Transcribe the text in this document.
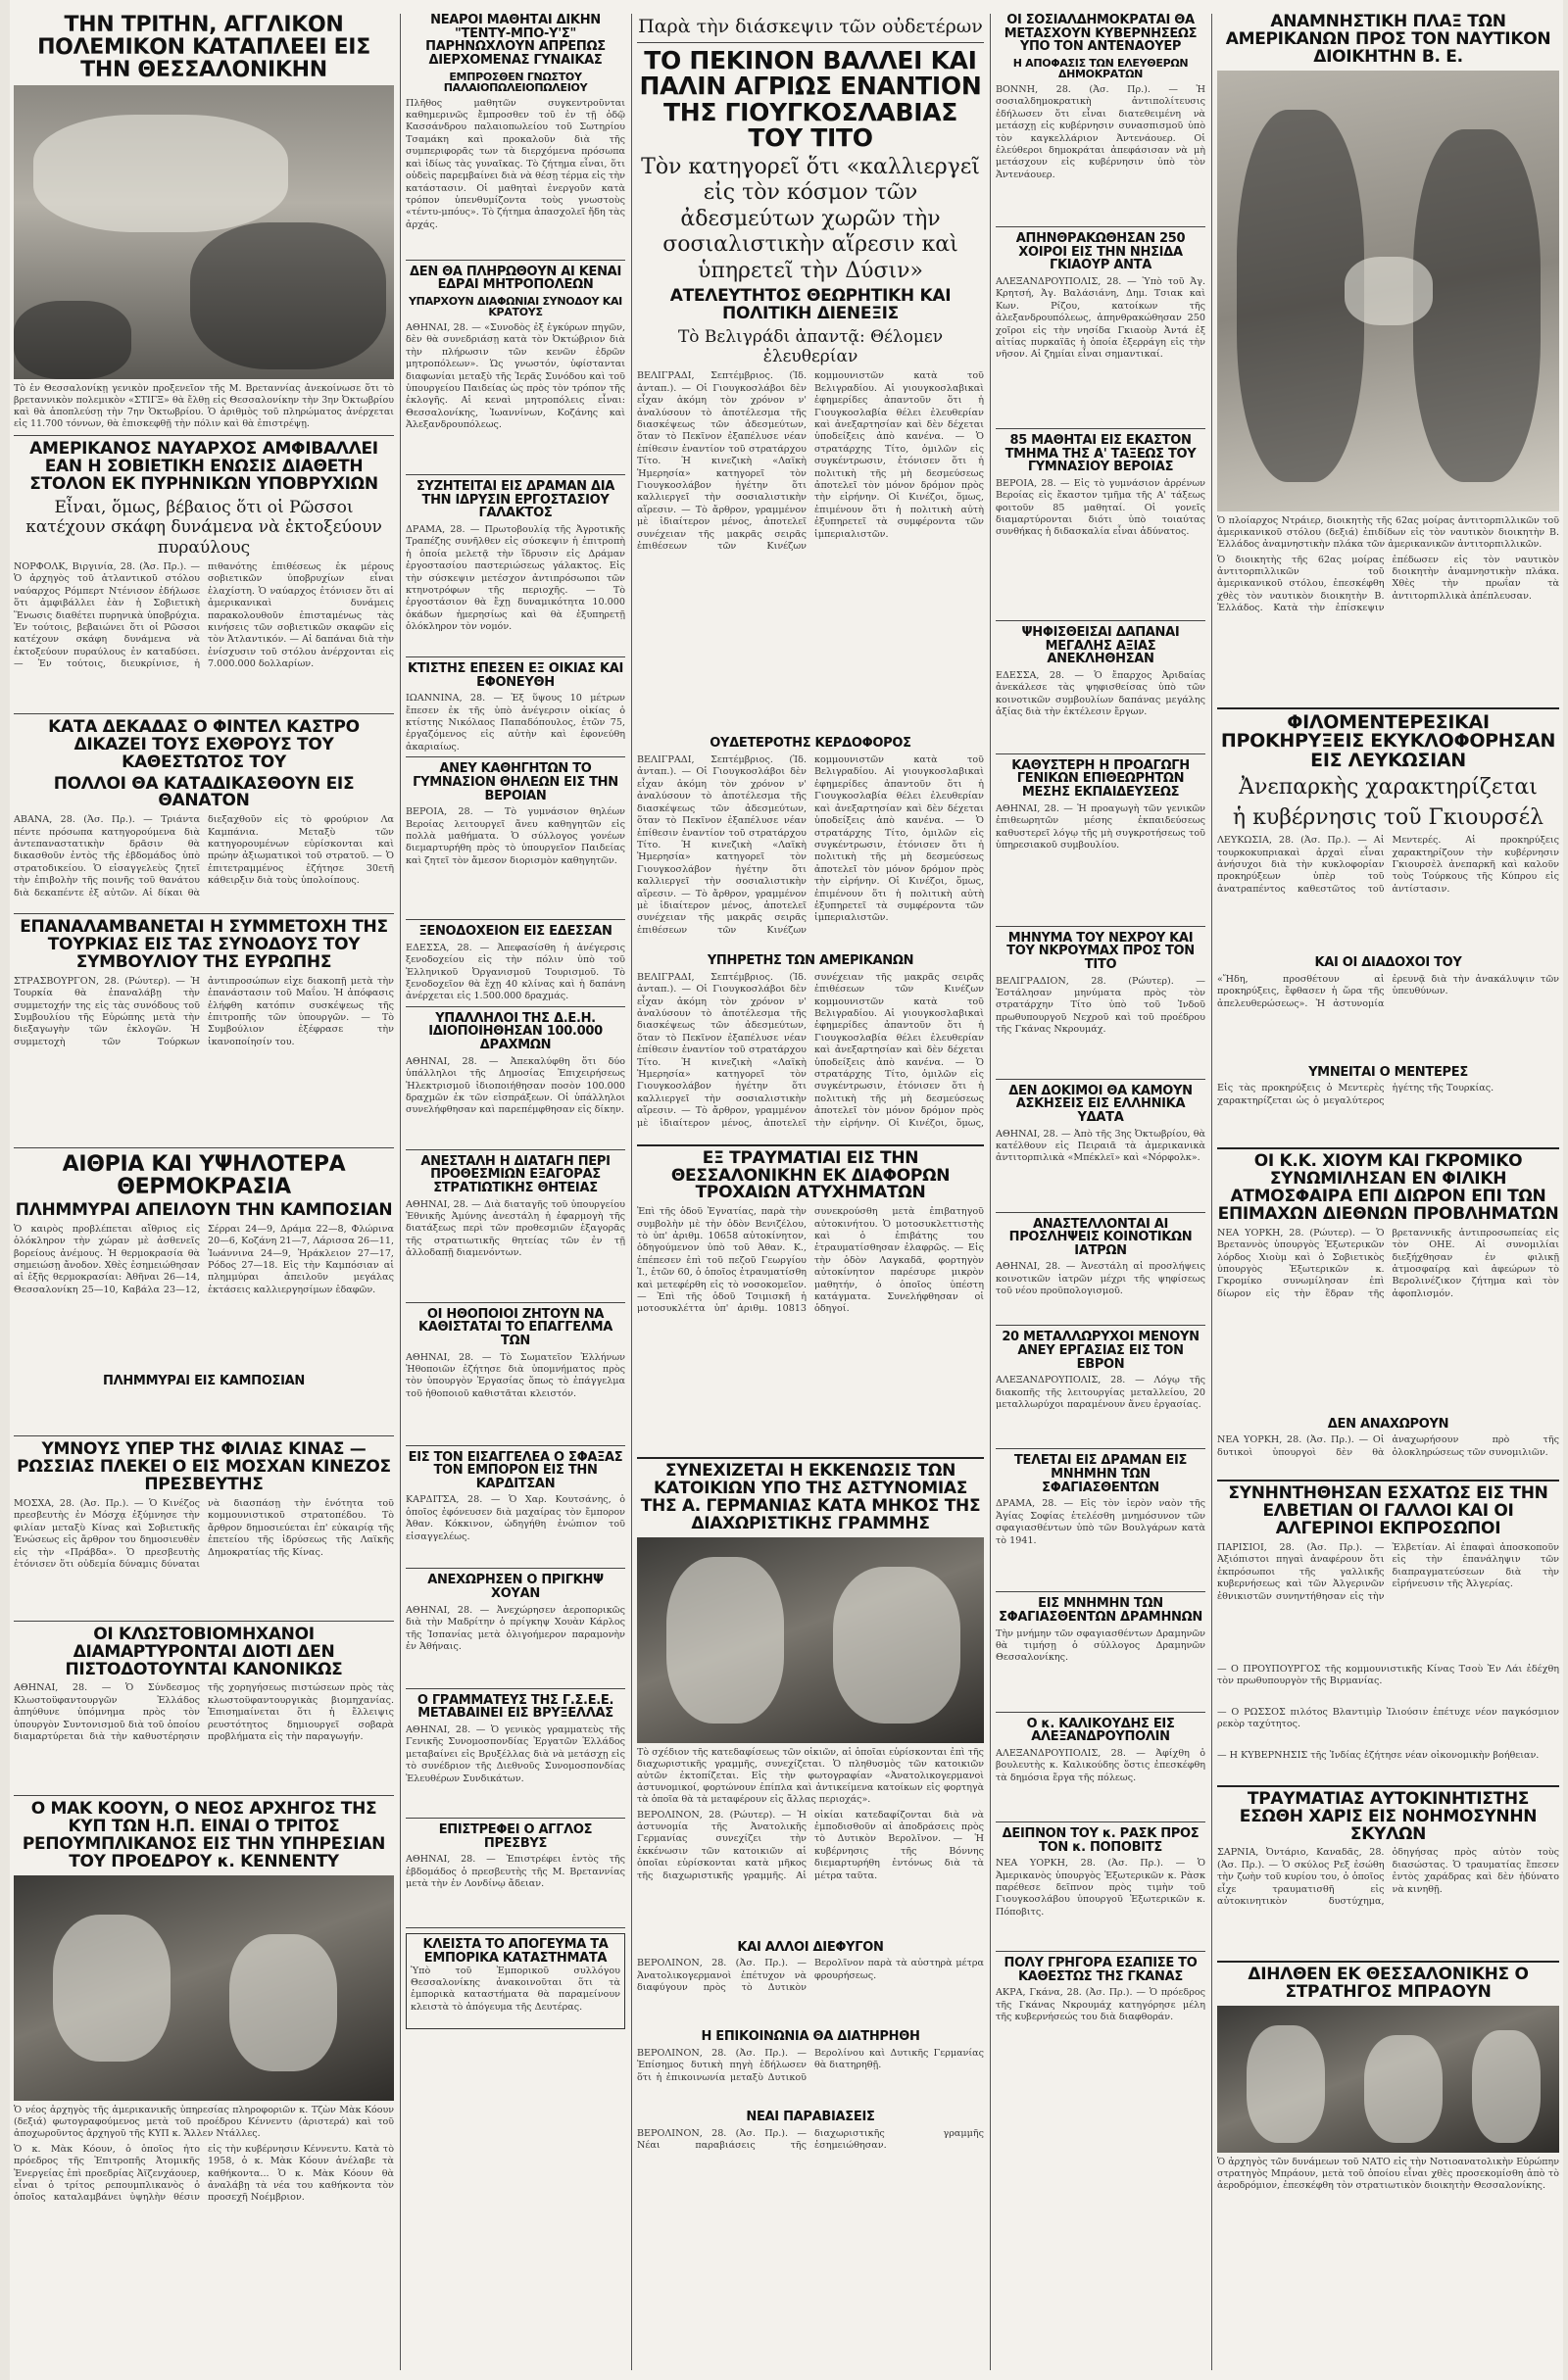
ΤΗΝ ΤΡΙΤΗΝ, ΑΓΓΛΙΚΟΝ ΠΟΛΕΜΙΚΟΝ ΚΑΤΑΠΛΕΕΙ ΕΙΣ ΤΗΝ ΘΕΣΣΑΛΟΝΙΚΗΝ
Τὸ ἐν Θεσσαλονίκῃ γενικὸν προξενεῖον τῆς Μ. Βρεταννίας ἀνεκοίνωσε ὅτι τὸ βρεταννικὸν πολεμικὸν «ΣΤΙΓΞ» θὰ ἔλθῃ εἰς Θεσσαλονίκην τὴν 3ην Ὀκτωβρίου καὶ θὰ ἀποπλεύσῃ τὴν 7ην Ὀκτωβρίου. Ὁ ἀριθμὸς τοῦ πληρώματος ἀνέρχεται εἰς 11.700 τόννων, θὰ ἐπισκεφθῇ τὴν πόλιν καὶ θὰ ἐπιστρέψῃ.
ΑΜΕΡΙΚΑΝΟΣ ΝΑΥΑΡΧΟΣ ΑΜΦΙΒΑΛΛΕΙ ΕΑΝ Η ΣΟΒΙΕΤΙΚΗ ΕΝΩΣΙΣ ΔΙΑΘΕΤΗ ΣΤΟΛΟΝ ΕΚ ΠΥΡΗΝΙΚΩΝ ΥΠΟΒΡΥΧΙΩΝ
Εἶναι, ὅμως, βέβαιος ὅτι οἱ Ρῶσσοι κατέχουν σκάφη δυνάμενα νὰ ἐκτοξεύουν πυραύλους
ΝΟΡΦΟΛΚ, Βιργινία, 28. (Ἀσ. Πρ.). — Ὁ ἀρχηγὸς τοῦ ἀτλαντικοῦ στόλου ναύαρχος Ρόμπερτ Ντένισον ἐδήλωσε ὅτι ἀμφιβάλλει ἐὰν ἡ Σοβιετικὴ Ἕνωσις διαθέτει πυρηνικὰ ὑποβρύχια. Ἐν τούτοις, βεβαιώνει ὅτι οἱ Ρῶσσοι κατέχουν σκάφη δυνάμενα νὰ ἐκτοξεύουν πυραύλους ἐν καταδύσει. — Ἐν τούτοις, διευκρίνισε, ἡ πιθανότης ἐπιθέσεως ἐκ μέρους σοβιετικῶν ὑποβρυχίων εἶναι ἐλαχίστη. Ὁ ναύαρχος ἐτόνισεν ὅτι αἱ ἀμερικανικαὶ δυνάμεις παρακολουθοῦν ἐπισταμένως τὰς κινήσεις τῶν σοβιετικῶν σκαφῶν εἰς τὸν Ἀτλαντικόν. — Αἱ δαπάναι διὰ τὴν ἐνίσχυσιν τοῦ στόλου ἀνέρχονται εἰς 7.000.000 δολλαρίων.
ΚΑΤΑ ΔΕΚΑΔΑΣ Ο ΦΙΝΤΕΛ ΚΑΣΤΡΟ ΔΙΚΑΖΕΙ ΤΟΥΣ ΕΧΘΡΟΥΣ ΤΟΥ ΚΑΘΕΣΤΩΤΟΣ ΤΟΥ
ΠΟΛΛΟΙ ΘΑ ΚΑΤΑΔΙΚΑΣΘΟΥΝ ΕΙΣ ΘΑΝΑΤΟΝ
ΑΒΑΝΑ, 28. (Ἀσ. Πρ.). — Τριάντα πέντε πρόσωπα κατηγορούμενα διὰ ἀντεπαναστατικὴν δρᾶσιν θὰ δικασθοῦν ἐντὸς τῆς ἑβδομάδος ὑπὸ στρατοδικείου. Ὁ εἰσαγγελεὺς ζητεῖ τὴν ἐπιβολὴν τῆς ποινῆς τοῦ θανάτου διὰ δεκαπέντε ἐξ αὐτῶν. Αἱ δίκαι θὰ διεξαχθοῦν εἰς τὸ φρούριον Λα Καμπάνια. Μεταξὺ τῶν κατηγορουμένων εὑρίσκονται καὶ πρώην ἀξιωματικοὶ τοῦ στρατοῦ. — Ὁ ἐπιτετραμμένος ἐζήτησε 30ετῆ κάθειρξιν διὰ τοὺς ὑπολοίπους.
ΕΠΑΝΑΛΑΜΒΑΝΕΤΑΙ Η ΣΥΜΜΕΤΟΧΗ ΤΗΣ ΤΟΥΡΚΙΑΣ ΕΙΣ ΤΑΣ ΣΥΝΟΔΟΥΣ ΤΟΥ ΣΥΜΒΟΥΛΙΟΥ ΤΗΣ ΕΥΡΩΠΗΣ
ΣΤΡΑΣΒΟΥΡΓΟΝ, 28. (Ρώυτερ). — Ἡ Τουρκία θὰ ἐπαναλάβῃ τὴν συμμετοχήν της εἰς τὰς συνόδους τοῦ Συμβουλίου τῆς Εὐρώπης μετὰ τὴν διεξαγωγὴν τῶν ἐκλογῶν. Ἡ συμμετοχὴ τῶν Τούρκων ἀντιπροσώπων εἶχε διακοπῇ μετὰ τὴν ἐπανάστασιν τοῦ Μαΐου. Ἡ ἀπόφασις ἐλήφθη κατόπιν συσκέψεως τῆς ἐπιτροπῆς τῶν ὑπουργῶν. — Τὸ Συμβούλιον ἐξέφρασε τὴν ἱκανοποίησίν του.
ΑΙΘΡΙΑ ΚΑΙ ΥΨΗΛΟΤΕΡΑ ΘΕΡΜΟΚΡΑΣΙΑ
ΠΛΗΜΜΥΡΑΙ ΑΠΕΙΛΟΥΝ ΤΗΝ ΚΑΜΠΟΣΙΑΝ
Ὁ καιρὸς προβλέπεται αἴθριος εἰς ὁλόκληρον τὴν χώραν μὲ ἀσθενεῖς βορείους ἀνέμους. Ἡ θερμοκρασία θὰ σημειώσῃ ἄνοδον. Χθὲς ἐσημειώθησαν αἱ ἑξῆς θερμοκρασίαι: Ἀθῆναι 26—14, Θεσσαλονίκη 25—10, Καβάλα 23—12, Σέρραι 24—9, Δράμα 22—8, Φλώρινα 20—6, Κοζάνη 21—7, Λάρισσα 26—11, Ἰωάννινα 24—9, Ἡράκλειον 27—17, Ρόδος 27—18. Εἰς τὴν Καμπόσιαν αἱ πλημμύραι ἀπειλοῦν μεγάλας ἐκτάσεις καλλιεργησίμων ἐδαφῶν.
ΠΛΗΜΜΥΡΑΙ ΕΙΣ ΚΑΜΠΟΣΙΑΝ
ΥΜΝΟΥΣ ΥΠΕΡ ΤΗΣ ΦΙΛΙΑΣ ΚΙΝΑΣ — ΡΩΣΣΙΑΣ ΠΛΕΚΕΙ Ο ΕΙΣ ΜΟΣΧΑΝ ΚΙΝΕΖΟΣ ΠΡΕΣΒΕΥΤΗΣ
ΜΟΣΧΑ, 28. (Ἀσ. Πρ.). — Ὁ Κινέζος πρεσβευτὴς ἐν Μόσχᾳ ἐξύμνησε τὴν φιλίαν μεταξὺ Κίνας καὶ Σοβιετικῆς Ἑνώσεως εἰς ἄρθρον του δημοσιευθὲν εἰς τὴν «Πράβδα». Ὁ πρεσβευτὴς ἐτόνισεν ὅτι οὐδεμία δύναμις δύναται νὰ διασπάσῃ τὴν ἑνότητα τοῦ κομμουνιστικοῦ στρατοπέδου. Τὸ ἄρθρον δημοσιεύεται ἐπ' εὐκαιρίᾳ τῆς ἐπετείου τῆς ἱδρύσεως τῆς Λαϊκῆς Δημοκρατίας τῆς Κίνας.
ΟΙ ΚΛΩΣΤΟΒΙΟΜΗΧΑΝΟΙ ΔΙΑΜΑΡΤΥΡΟΝΤΑΙ ΔΙΟΤΙ ΔΕΝ ΠΙΣΤΟΔΟΤΟΥΝΤΑΙ ΚΑΝΟΝΙΚΩΣ
ΑΘΗΝΑΙ, 28. — Ὁ Σύνδεσμος Κλωστοϋφαντουργῶν Ἑλλάδος ἀπηύθυνε ὑπόμνημα πρὸς τὸν ὑπουργὸν Συντονισμοῦ διὰ τοῦ ὁποίου διαμαρτύρεται διὰ τὴν καθυστέρησιν τῆς χορηγήσεως πιστώσεων πρὸς τὰς κλωστοϋφαντουργικὰς βιομηχανίας. Ἐπισημαίνεται ὅτι ἡ ἔλλειψις ρευστότητος δημιουργεῖ σοβαρὰ προβλήματα εἰς τὴν παραγωγήν.
Ο ΜΑΚ ΚΟΟΥΝ, Ο ΝΕΟΣ ΑΡΧΗΓΟΣ ΤΗΣ ΚΥΠ ΤΩΝ Η.Π. ΕΙΝΑΙ Ο ΤΡΙΤΟΣ ΡΕΠΟΥΜΠΛΙΚΑΝΟΣ ΕΙΣ ΤΗΝ ΥΠΗΡΕΣΙΑΝ ΤΟΥ ΠΡΟΕΔΡΟΥ κ. ΚΕΝΝΕΝΤΥ
Ὁ νέος ἀρχηγὸς τῆς ἀμερικανικῆς ὑπηρεσίας πληροφοριῶν κ. Τζὼν Μὰκ Κόουν (δεξιά) φωτογραφούμενος μετὰ τοῦ προέδρου Κέννεντυ (ἀριστερά) καὶ τοῦ ἀποχωροῦντος ἀρχηγοῦ τῆς ΚΥΠ κ. Ἄλλεν Ντάλλες.
Ὁ κ. Μὰκ Κόουν, ὁ ὁποῖος ἦτο πρόεδρος τῆς Ἐπιτροπῆς Ἀτομικῆς Ἐνεργείας ἐπὶ προεδρίας Ἀϊζενχάουερ, εἶναι ὁ τρίτος ρεπουμπλικανὸς ὁ ὁποῖος καταλαμβάνει ὑψηλὴν θέσιν εἰς τὴν κυβέρνησιν Κέννεντυ. Κατὰ τὸ 1958, ὁ κ. Μὰκ Κόουν ἀνέλαβε τὰ καθήκοντα... Ὁ κ. Μὰκ Κόουν θὰ ἀναλάβῃ τὰ νέα του καθήκοντα τὸν προσεχῆ Νοέμβριον.
ΝΕΑΡΟΙ ΜΑΘΗΤΑΙ ΔΙΚΗΝ "ΤΕΝΤΥ-ΜΠΟ-Υ'Σ" ΠΑΡΗΝΩΧΛΟΥΝ ΑΠΡΕΠΩΣ ΔΙΕΡΧΟΜΕΝΑΣ ΓΥΝΑΙΚΑΣ
ΕΜΠΡΟΣΘΕΝ ΓΝΩΣΤΟΥ ΠΑΛΑΙΟΠΩΛΕΙΟΠΩΛΕΙΟΥ
Πλῆθος μαθητῶν συγκεντροῦνται καθημερινῶς ἔμπροσθεν τοῦ ἐν τῇ ὁδῷ Κασσάνδρου παλαιοπωλείου τοῦ Σωτηρίου Τσαμάκη καὶ προκαλοῦν διὰ τῆς συμπεριφορᾶς των τὰ διερχόμενα πρόσωπα καὶ ἰδίως τὰς γυναῖκας. Τὸ ζήτημα εἶναι, ὅτι οὐδεὶς παρεμβαίνει διὰ νὰ θέσῃ τέρμα εἰς τὴν κατάστασιν. Οἱ μαθηταὶ ἐνεργοῦν κατὰ τρόπον ὑπενθυμίζοντα τοὺς γνωστοὺς «τέντυ-μπόυς». Τὸ ζήτημα ἀπασχολεῖ ἤδη τὰς ἀρχάς.
ΔΕΝ ΘΑ ΠΛΗΡΩΘΟΥΝ ΑΙ ΚΕΝΑΙ ΕΔΡΑΙ ΜΗΤΡΟΠΟΛΕΩΝ
ΥΠΑΡΧΟΥΝ ΔΙΑΦΩΝΙΑΙ ΣΥΝΟΔΟΥ ΚΑΙ ΚΡΑΤΟΥΣ
ΑΘΗΝΑΙ, 28. — «Συνοδὸς ἐξ ἐγκύρων πηγῶν, δὲν θὰ συνεδριάσῃ κατὰ τὸν Ὀκτώβριον διὰ τὴν πλήρωσιν τῶν κενῶν ἑδρῶν μητροπόλεων». Ὡς γνωστόν, ὑφίστανται διαφωνίαι μεταξὺ τῆς Ἱερᾶς Συνόδου καὶ τοῦ ὑπουργείου Παιδείας ὡς πρὸς τὸν τρόπον τῆς ἐκλογῆς. Αἱ κεναὶ μητροπόλεις εἶναι: Θεσσαλονίκης, Ἰωαννίνων, Κοζάνης καὶ Ἀλεξανδρουπόλεως.
ΣΥΖΗΤΕΙΤΑΙ ΕΙΣ ΔΡΑΜΑΝ ΔΙΑ ΤΗΝ ΙΔΡΥΣΙΝ ΕΡΓΟΣΤΑΣΙΟΥ ΓΑΛΑΚΤΟΣ
ΔΡΑΜΑ, 28. — Πρωτοβουλίᾳ τῆς Ἀγροτικῆς Τραπέζης συνῆλθεν εἰς σύσκεψιν ἡ ἐπιτροπὴ ἡ ὁποία μελετᾷ τὴν ἵδρυσιν εἰς Δράμαν ἐργοστασίου παστεριώσεως γάλακτος. Εἰς τὴν σύσκεψιν μετέσχον ἀντιπρόσωποι τῶν κτηνοτρόφων τῆς περιοχῆς. — Τὸ ἐργοστάσιον θὰ ἔχῃ δυναμικότητα 10.000 ὀκάδων ἡμερησίως καὶ θὰ ἐξυπηρετῇ ὁλόκληρον τὸν νομόν.
ΚΤΙΣΤΗΣ ΕΠΕΣΕΝ ΕΞ ΟΙΚΙΑΣ ΚΑΙ ΕΦΟΝΕΥΘΗ
ΙΩΑΝΝΙΝΑ, 28. — Ἐξ ὕψους 10 μέτρων ἔπεσεν ἐκ τῆς ὑπὸ ἀνέγερσιν οἰκίας ὁ κτίστης Νικόλαος Παπαδόπουλος, ἐτῶν 75, ἐργαζόμενος εἰς αὐτὴν καὶ ἐφονεύθη ἀκαριαίως.
ΑΝΕΥ ΚΑΘΗΓΗΤΩΝ ΤΟ ΓΥΜΝΑΣΙΟΝ ΘΗΛΕΩΝ ΕΙΣ ΤΗΝ ΒΕΡΟΙΑΝ
ΒΕΡΟΙΑ, 28. — Τὸ γυμνάσιον θηλέων Βεροίας λειτουργεῖ ἄνευ καθηγητῶν εἰς πολλὰ μαθήματα. Ὁ σύλλογος γονέων διεμαρτυρήθη πρὸς τὸ ὑπουργεῖον Παιδείας καὶ ζητεῖ τὸν ἄμεσον διορισμὸν καθηγητῶν.
ΞΕΝΟΔΟΧΕΙΟΝ ΕΙΣ ΕΔΕΣΣΑΝ
ΕΔΕΣΣΑ, 28. — Ἀπεφασίσθη ἡ ἀνέγερσις ξενοδοχείου εἰς τὴν πόλιν ὑπὸ τοῦ Ἑλληνικοῦ Ὀργανισμοῦ Τουρισμοῦ. Τὸ ξενοδοχεῖον θὰ ἔχῃ 40 κλίνας καὶ ἡ δαπάνη ἀνέρχεται εἰς 1.500.000 δραχμάς.
ΥΠΑΛΛΗΛΟΙ ΤΗΣ Δ.Ε.Η. ΙΔΙΟΠΟΙΗΘΗΣΑΝ 100.000 ΔΡΑΧΜΩΝ
ΑΘΗΝΑΙ, 28. — Ἀπεκαλύφθη ὅτι δύο ὑπάλληλοι τῆς Δημοσίας Ἐπιχειρήσεως Ἠλεκτρισμοῦ ἰδιοποιήθησαν ποσὸν 100.000 δραχμῶν ἐκ τῶν εἰσπράξεων. Οἱ ὑπάλληλοι συνελήφθησαν καὶ παρεπέμφθησαν εἰς δίκην.
ΑΝΕΣΤΑΛΗ Η ΔΙΑΤΑΓΗ ΠΕΡΙ ΠΡΟΘΕΣΜΙΩΝ ΕΞΑΓΟΡΑΣ ΣΤΡΑΤΙΩΤΙΚΗΣ ΘΗΤΕΙΑΣ
ΑΘΗΝΑΙ, 28. — Διὰ διαταγῆς τοῦ ὑπουργείου Ἐθνικῆς Ἀμύνης ἀνεστάλη ἡ ἐφαρμογὴ τῆς διατάξεως περὶ τῶν προθεσμιῶν ἐξαγορᾶς τῆς στρατιωτικῆς θητείας τῶν ἐν τῇ ἀλλοδαπῇ διαμενόντων.
ΟΙ ΗΘΟΠΟΙΟΙ ΖΗΤΟΥΝ ΝΑ ΚΑΘΙΣΤΑΤΑΙ ΤΟ ΕΠΑΓΓΕΛΜΑ ΤΩΝ
ΑΘΗΝΑΙ, 28. — Τὸ Σωματεῖον Ἑλλήνων Ἠθοποιῶν ἐζήτησε διὰ ὑπομνήματος πρὸς τὸν ὑπουργὸν Ἐργασίας ὅπως τὸ ἐπάγγελμα τοῦ ἠθοποιοῦ καθιστᾶται κλειστόν.
ΕΙΣ ΤΟΝ ΕΙΣΑΓΓΕΛΕΑ Ο ΣΦΑΞΑΣ ΤΟΝ ΕΜΠΟΡΟΝ ΕΙΣ ΤΗΝ ΚΑΡΔΙΤΣΑΝ
ΚΑΡΔΙΤΣΑ, 28. — Ὁ Χαρ. Κουτσάνης, ὁ ὁποῖος ἐφόνευσεν διὰ μαχαίρας τὸν ἔμπορον Ἀθαν. Κόκκινον, ὡδηγήθη ἐνώπιον τοῦ εἰσαγγελέως.
ΑΝΕΧΩΡΗΣΕΝ Ο ΠΡΙΓΚΗΨ ΧΟΥΑΝ
ΑΘΗΝΑΙ, 28. — Ἀνεχώρησεν ἀεροπορικῶς διὰ τὴν Μαδρίτην ὁ πρίγκηψ Χουὰν Κάρλος τῆς Ἰσπανίας μετὰ ὀλιγοήμερον παραμονὴν ἐν Ἀθήναις.
Ο ΓΡΑΜΜΑΤΕΥΣ ΤΗΣ Γ.Σ.Ε.Ε. ΜΕΤΑΒΑΙΝΕΙ ΕΙΣ ΒΡΥΞΕΛΛΑΣ
ΑΘΗΝΑΙ, 28. — Ὁ γενικὸς γραμματεὺς τῆς Γενικῆς Συνομοσπονδίας Ἐργατῶν Ἑλλάδος μεταβαίνει εἰς Βρυξέλλας διὰ νὰ μετάσχῃ εἰς τὸ συνέδριον τῆς Διεθνοῦς Συνομοσπονδίας Ἐλευθέρων Συνδικάτων.
ΕΠΙΣΤΡΕΦΕΙ Ο ΑΓΓΛΟΣ ΠΡΕΣΒΥΣ
ΑΘΗΝΑΙ, 28. — Ἐπιστρέφει ἐντὸς τῆς ἑβδομάδος ὁ πρεσβευτὴς τῆς Μ. Βρεταννίας μετὰ τὴν ἐν Λονδίνῳ ἄδειαν.
ΚΛΕΙΣΤΑ ΤΟ ΑΠΟΓΕΥΜΑ ΤΑ ΕΜΠΟΡΙΚΑ ΚΑΤΑΣΤΗΜΑΤΑ
Ὑπὸ τοῦ Ἐμπορικοῦ συλλόγου Θεσσαλονίκης ἀνακοινοῦται ὅτι τὰ ἐμπορικὰ καταστήματα θὰ παραμείνουν κλειστὰ τὸ ἀπόγευμα τῆς Δευτέρας.
Παρὰ τὴν διάσκεψιν τῶν οὐδετέρων
ΤΟ ΠΕΚΙΝΟΝ ΒΑΛΛΕΙ ΚΑΙ ΠΑΛΙΝ ΑΓΡΙΩΣ ΕΝΑΝΤΙΟΝ ΤΗΣ ΓΙΟΥΓΚΟΣΛΑΒΙΑΣ ΤΟΥ ΤΙΤΟ
Τὸν κατηγορεῖ ὅτι «καλλιεργεῖ εἰς τὸν κόσμον τῶν ἀδεσμεύτων χωρῶν τὴν σοσιαλιστικὴν αἵρεσιν καὶ ὑπηρετεῖ τὴν Δύσιν»
ΑΤΕΛΕΥΤΗΤΟΣ ΘΕΩΡΗΤΙΚΗ ΚΑΙ ΠΟΛΙΤΙΚΗ ΔΙΕΝΕΞΙΣ
Τὸ Βελιγράδι ἀπαντᾷ: Θέλομεν ἐλευθερίαν
ΒΕΛΙΓΡΑΔΙ, Σεπτέμβριος. (Ἰδ. ἀνταπ.). — Οἱ Γιουγκοσλάβοι δὲν εἶχαν ἀκόμη τὸν χρόνον ν' ἀναλύσουν τὸ ἀποτέλεσμα τῆς διασκέψεως τῶν ἀδεσμεύτων, ὅταν τὸ Πεκῖνον ἐξαπέλυσε νέαν ἐπίθεσιν ἐναντίον τοῦ στρατάρχου Τίτο. Ἡ κινεζικὴ «Λαϊκὴ Ἡμερησία» κατηγορεῖ τὸν Γιουγκοσλάβον ἡγέτην ὅτι καλλιεργεῖ τὴν σοσιαλιστικὴν αἵρεσιν. — Τὸ ἄρθρον, γραμμένον μὲ ἰδιαίτερον μένος, ἀποτελεῖ συνέχειαν τῆς μακρᾶς σειρᾶς ἐπιθέσεων τῶν Κινέζων κομμουνιστῶν κατὰ τοῦ Βελιγραδίου. Αἱ γιουγκοσλαβικαὶ ἐφημερίδες ἀπαντοῦν ὅτι ἡ Γιουγκοσλαβία θέλει ἐλευθερίαν καὶ ἀνεξαρτησίαν καὶ δὲν δέχεται ὑποδείξεις ἀπὸ κανένα. — Ὁ στρατάρχης Τίτο, ὁμιλῶν εἰς συγκέντρωσιν, ἐτόνισεν ὅτι ἡ πολιτικὴ τῆς μὴ δεσμεύσεως ἀποτελεῖ τὸν μόνον δρόμον πρὸς τὴν εἰρήνην. Οἱ Κινέζοι, ὅμως, ἐπιμένουν ὅτι ἡ πολιτικὴ αὐτὴ ἐξυπηρετεῖ τὰ συμφέροντα τῶν ἱμπεριαλιστῶν.
ΟΥΔΕΤΕΡΟΤΗΣ ΚΕΡΔΟΦΟΡΟΣ
ΒΕΛΙΓΡΑΔΙ, Σεπτέμβριος. (Ἰδ. ἀνταπ.). — Οἱ Γιουγκοσλάβοι δὲν εἶχαν ἀκόμη τὸν χρόνον ν' ἀναλύσουν τὸ ἀποτέλεσμα τῆς διασκέψεως τῶν ἀδεσμεύτων, ὅταν τὸ Πεκῖνον ἐξαπέλυσε νέαν ἐπίθεσιν ἐναντίον τοῦ στρατάρχου Τίτο. Ἡ κινεζικὴ «Λαϊκὴ Ἡμερησία» κατηγορεῖ τὸν Γιουγκοσλάβον ἡγέτην ὅτι καλλιεργεῖ τὴν σοσιαλιστικὴν αἵρεσιν. — Τὸ ἄρθρον, γραμμένον μὲ ἰδιαίτερον μένος, ἀποτελεῖ συνέχειαν τῆς μακρᾶς σειρᾶς ἐπιθέσεων τῶν Κινέζων κομμουνιστῶν κατὰ τοῦ Βελιγραδίου. Αἱ γιουγκοσλαβικαὶ ἐφημερίδες ἀπαντοῦν ὅτι ἡ Γιουγκοσλαβία θέλει ἐλευθερίαν καὶ ἀνεξαρτησίαν καὶ δὲν δέχεται ὑποδείξεις ἀπὸ κανένα. — Ὁ στρατάρχης Τίτο, ὁμιλῶν εἰς συγκέντρωσιν, ἐτόνισεν ὅτι ἡ πολιτικὴ τῆς μὴ δεσμεύσεως ἀποτελεῖ τὸν μόνον δρόμον πρὸς τὴν εἰρήνην. Οἱ Κινέζοι, ὅμως, ἐπιμένουν ὅτι ἡ πολιτικὴ αὐτὴ ἐξυπηρετεῖ τὰ συμφέροντα τῶν ἱμπεριαλιστῶν.
ΥΠΗΡΕΤΗΣ ΤΩΝ ΑΜΕΡΙΚΑΝΩΝ
ΒΕΛΙΓΡΑΔΙ, Σεπτέμβριος. (Ἰδ. ἀνταπ.). — Οἱ Γιουγκοσλάβοι δὲν εἶχαν ἀκόμη τὸν χρόνον ν' ἀναλύσουν τὸ ἀποτέλεσμα τῆς διασκέψεως τῶν ἀδεσμεύτων, ὅταν τὸ Πεκῖνον ἐξαπέλυσε νέαν ἐπίθεσιν ἐναντίον τοῦ στρατάρχου Τίτο. Ἡ κινεζικὴ «Λαϊκὴ Ἡμερησία» κατηγορεῖ τὸν Γιουγκοσλάβον ἡγέτην ὅτι καλλιεργεῖ τὴν σοσιαλιστικὴν αἵρεσιν. — Τὸ ἄρθρον, γραμμένον μὲ ἰδιαίτερον μένος, ἀποτελεῖ συνέχειαν τῆς μακρᾶς σειρᾶς ἐπιθέσεων τῶν Κινέζων κομμουνιστῶν κατὰ τοῦ Βελιγραδίου. Αἱ γιουγκοσλαβικαὶ ἐφημερίδες ἀπαντοῦν ὅτι ἡ Γιουγκοσλαβία θέλει ἐλευθερίαν καὶ ἀνεξαρτησίαν καὶ δὲν δέχεται ὑποδείξεις ἀπὸ κανένα. — Ὁ στρατάρχης Τίτο, ὁμιλῶν εἰς συγκέντρωσιν, ἐτόνισεν ὅτι ἡ πολιτικὴ τῆς μὴ δεσμεύσεως ἀποτελεῖ τὸν μόνον δρόμον πρὸς τὴν εἰρήνην. Οἱ Κινέζοι, ὅμως,
ΕΞ ΤΡΑΥΜΑΤΙΑΙ ΕΙΣ ΤΗΝ ΘΕΣΣΑΛΟΝΙΚΗΝ ΕΚ ΔΙΑΦΟΡΩΝ ΤΡΟΧΑΙΩΝ ΑΤΥΧΗΜΑΤΩΝ
Ἐπὶ τῆς ὁδοῦ Ἐγνατίας, παρὰ τὴν συμβολὴν μὲ τὴν ὁδὸν Βενιζέλου, τὸ ὑπ' ἀριθμ. 10658 αὐτοκίνητον, ὁδηγούμενον ὑπὸ τοῦ Ἀθαν. Κ., ἐπέπεσεν ἐπὶ τοῦ πεζοῦ Γεωργίου Ἰ., ἐτῶν 60, ὁ ὁποῖος ἐτραυματίσθη καὶ μετεφέρθη εἰς τὸ νοσοκομεῖον. — Ἐπὶ τῆς ὁδοῦ Τσιμισκῆ ἡ μοτοσυκλέττα ὑπ' ἀριθμ. 10813 συνεκρούσθη μετὰ ἐπιβατηγοῦ αὐτοκινήτου. Ὁ μοτοσυκλεττιστὴς καὶ ὁ ἐπιβάτης του ἐτραυματίσθησαν ἐλαφρῶς. — Εἰς τὴν ὁδὸν Λαγκαδᾶ, φορτηγὸν αὐτοκίνητον παρέσυρε μικρὸν μαθητήν, ὁ ὁποῖος ὑπέστη κατάγματα. Συνελήφθησαν οἱ ὁδηγοί.
ΣΥΝΕΧΙΖΕΤΑΙ Η ΕΚΚΕΝΩΣΙΣ ΤΩΝ ΚΑΤΟΙΚΙΩΝ ΥΠΟ ΤΗΣ ΑΣΤΥΝΟΜΙΑΣ ΤΗΣ Α. ΓΕΡΜΑΝΙΑΣ ΚΑΤΑ ΜΗΚΟΣ ΤΗΣ ΔΙΑΧΩΡΙΣΤΙΚΗΣ ΓΡΑΜΜΗΣ
Τὸ σχέδιον τῆς κατεδαφίσεως τῶν οἰκιῶν, αἱ ὁποῖαι εὑρίσκονται ἐπὶ τῆς διαχωριστικῆς γραμμῆς, συνεχίζεται. Ὁ πληθυσμὸς τῶν κατοικιῶν αὐτῶν ἐκτοπίζεται. Εἰς τὴν φωτογραφίαν «Ἀνατολικογερμανοὶ ἀστυνομικοί, φορτώνουν ἐπίπλα καὶ ἀντικείμενα κατοίκων εἰς φορτηγὰ τὰ ὁποῖα θὰ τὰ μεταφέρουν εἰς ἄλλας περιοχάς».
ΒΕΡΟΛΙΝΟΝ, 28. (Ρώυτερ). — Ἡ ἀστυνομία τῆς Ἀνατολικῆς Γερμανίας συνεχίζει τὴν ἐκκένωσιν τῶν κατοικιῶν αἱ ὁποῖαι εὑρίσκονται κατὰ μῆκος τῆς διαχωριστικῆς γραμμῆς. Αἱ οἰκίαι κατεδαφίζονται διὰ νὰ ἐμποδισθοῦν αἱ ἀποδράσεις πρὸς τὸ Δυτικὸν Βερολῖνον. — Ἡ κυβέρνησις τῆς Βόννης διεμαρτυρήθη ἐντόνως διὰ τὰ μέτρα ταῦτα.
ΚΑΙ ΑΛΛΟΙ ΔΙΕΦΥΓΟΝ
ΒΕΡΟΛΙΝΟΝ, 28. (Ἀσ. Πρ.). — Ἀνατολικογερμανοὶ ἐπέτυχον νὰ διαφύγουν πρὸς τὸ Δυτικὸν Βερολῖνον παρὰ τὰ αὐστηρὰ μέτρα φρουρήσεως.
Η ΕΠΙΚΟΙΝΩΝΙΑ ΘΑ ΔΙΑΤΗΡΗΘΗ
ΒΕΡΟΛΙΝΟΝ, 28. (Ἀσ. Πρ.). — Ἐπίσημος δυτικὴ πηγὴ ἐδήλωσεν ὅτι ἡ ἐπικοινωνία μεταξὺ Δυτικοῦ Βερολίνου καὶ Δυτικῆς Γερμανίας θὰ διατηρηθῇ.
ΝΕΑΙ ΠΑΡΑΒΙΑΣΕΙΣ
ΒΕΡΟΛΙΝΟΝ, 28. (Ἀσ. Πρ.). — Νέαι παραβιάσεις τῆς διαχωριστικῆς γραμμῆς ἐσημειώθησαν.
ΟΙ ΣΟΣΙΑΛΔΗΜΟΚΡΑΤΑΙ ΘΑ ΜΕΤΑΣΧΟΥΝ ΚΥΒΕΡΝΗΣΕΩΣ ΥΠΟ ΤΟΝ ΑΝΤΕΝΑΟΥΕΡ
Η ΑΠΟΦΑΣΙΣ ΤΩΝ ΕΛΕΥΘΕΡΩΝ ΔΗΜΟΚΡΑΤΩΝ
ΒΟΝΝΗ, 28. (Ἀσ. Πρ.). — Ἡ σοσιαλδημοκρατικὴ ἀντιπολίτευσις ἐδήλωσεν ὅτι εἶναι διατεθειμένη νὰ μετάσχῃ εἰς κυβέρνησιν συνασπισμοῦ ὑπὸ τὸν καγκελλάριον Ἀντενάουερ. Οἱ ἐλεύθεροι δημοκράται ἀπεφάσισαν νὰ μὴ μετάσχουν εἰς κυβέρνησιν ὑπὸ τὸν Ἀντενάουερ.
ΑΠΗΝΘΡΑΚΩΘΗΣΑΝ 250 ΧΟΙΡΟΙ ΕΙΣ ΤΗΝ ΝΗΣΙΔΑ ΓΚΙΑΟΥΡ ΑΝΤΑ
ΑΛΕΞΑΝΔΡΟΥΠΟΛΙΣ, 28. — Ὑπὸ τοῦ Ἀγ. Κρητσή, Ἀγ. Βαλάσιάνη, Δημ. Τσιακ καὶ Κων. Ρίζου, κατοίκων τῆς ἀλεξανδρουπόλεως, ἀπηνθρακώθησαν 250 χοῖροι εἰς τὴν νησίδα Γκιαοὺρ Ἀντά ἐξ αἰτίας πυρκαϊᾶς ἡ ὁποία ἐξερράγη εἰς τὴν νῆσον. Αἱ ζημίαι εἶναι σημαντικαί.
85 ΜΑΘΗΤΑΙ ΕΙΣ ΕΚΑΣΤΟΝ ΤΜΗΜΑ ΤΗΣ Α' ΤΑΞΕΩΣ ΤΟΥ ΓΥΜΝΑΣΙΟΥ ΒΕΡΟΙΑΣ
ΒΕΡΟΙΑ, 28. — Εἰς τὸ γυμνάσιον ἀρρένων Βεροίας εἰς ἕκαστον τμῆμα τῆς Α' τάξεως φοιτοῦν 85 μαθηταί. Οἱ γονεῖς διαμαρτύρονται διότι ὑπὸ τοιαύτας συνθήκας ἡ διδασκαλία εἶναι ἀδύνατος.
ΨΗΦΙΣΘΕΙΣΑΙ ΔΑΠΑΝΑΙ ΜΕΓΑΛΗΣ ΑΞΙΑΣ ΑΝΕΚΛΗΘΗΣΑΝ
ΕΔΕΣΣΑ, 28. — Ὁ ἔπαρχος Ἀριδαίας ἀνεκάλεσε τὰς ψηφισθείσας ὑπὸ τῶν κοινοτικῶν συμβουλίων δαπάνας μεγάλης ἀξίας διὰ τὴν ἐκτέλεσιν ἔργων.
ΚΑΘΥΣΤΕΡΗ Η ΠΡΟΑΓΩΓΗ ΓΕΝΙΚΩΝ ΕΠΙΘΕΩΡΗΤΩΝ ΜΕΣΗΣ ΕΚΠΑΙΔΕΥΣΕΩΣ
ΑΘΗΝΑΙ, 28. — Ἡ προαγωγὴ τῶν γενικῶν ἐπιθεωρητῶν μέσης ἐκπαιδεύσεως καθυστερεῖ λόγῳ τῆς μὴ συγκροτήσεως τοῦ ὑπηρεσιακοῦ συμβουλίου.
ΜΗΝΥΜΑ ΤΟΥ ΝΕΧΡΟΥ ΚΑΙ ΤΟΥ ΝΚΡΟΥΜΑΧ ΠΡΟΣ ΤΟΝ ΤΙΤΟ
ΒΕΛΙΓΡΑΔΙΟΝ, 28. (Ρώυτερ). — Ἐστάλησαν μηνύματα πρὸς τὸν στρατάρχην Τίτο ὑπὸ τοῦ Ἰνδοῦ πρωθυπουργοῦ Νεχροῦ καὶ τοῦ προέδρου τῆς Γκάνας Νκρουμάχ.
ΔΕΝ ΔΟΚΙΜΟΙ ΘΑ ΚΑΜΟΥΝ ΑΣΚΗΣΕΙΣ ΕΙΣ ΕΛΛΗΝΙΚΑ ΥΔΑΤΑ
ΑΘΗΝΑΙ, 28. — Ἀπὸ τῆς 3ης Ὀκτωβρίου, θὰ κατέλθουν εἰς Πειραιᾶ τὰ ἀμερικανικὰ ἀντιτορπιλικὰ «Μπέκλεϊ» καὶ «Νόρφολκ».
ΑΝΑΣΤΕΛΛΟΝΤΑΙ ΑΙ ΠΡΟΣΛΗΨΕΙΣ ΚΟΙΝΟΤΙΚΩΝ ΙΑΤΡΩΝ
ΑΘΗΝΑΙ, 28. — Ἀνεστάλη αἱ προσλήψεις κοινοτικῶν ἰατρῶν μέχρι τῆς ψηφίσεως τοῦ νέου προϋπολογισμοῦ.
20 ΜΕΤΑΛΛΩΡΥΧΟΙ ΜΕΝΟΥΝ ΑΝΕΥ ΕΡΓΑΣΙΑΣ ΕΙΣ ΤΟΝ ΕΒΡΟΝ
ΑΛΕΞΑΝΔΡΟΥΠΟΛΙΣ, 28. — Λόγῳ τῆς διακοπῆς τῆς λειτουργίας μεταλλείου, 20 μεταλλωρύχοι παραμένουν ἄνευ ἐργασίας.
ΤΕΛΕΤΑΙ ΕΙΣ ΔΡΑΜΑΝ ΕΙΣ ΜΝΗΜΗΝ ΤΩΝ ΣΦΑΓΙΑΣΘΕΝΤΩΝ
ΔΡΑΜΑ, 28. — Εἰς τὸν ἱερὸν ναὸν τῆς Ἁγίας Σοφίας ἐτελέσθη μνημόσυνον τῶν σφαγιασθέντων ὑπὸ τῶν Βουλγάρων κατὰ τὸ 1941.
ΕΙΣ ΜΝΗΜΗΝ ΤΩΝ ΣΦΑΓΙΑΣΘΕΝΤΩΝ ΔΡΑΜΗΝΩΝ
Τὴν μνήμην τῶν σφαγιασθέντων Δραμηνῶν θὰ τιμήσῃ ὁ σύλλογος Δραμηνῶν Θεσσαλονίκης.
Ο κ. ΚΑΛΙΚΟΥΔΗΣ ΕΙΣ ΑΛΕΞΑΝΔΡΟΥΠΟΛΙΝ
ΑΛΕΞΑΝΔΡΟΥΠΟΛΙΣ, 28. — Ἀφίχθη ὁ βουλευτὴς κ. Καλικούδης ὅστις ἐπεσκέφθη τὰ δημόσια ἔργα τῆς πόλεως.
ΔΕΙΠΝΟΝ ΤΟΥ κ. ΡΑΣΚ ΠΡΟΣ ΤΟΝ κ. ΠΟΠΟΒΙΤΣ
ΝΕΑ ΥΟΡΚΗ, 28. (Ἀσ. Πρ.). — Ὁ Ἀμερικανὸς ὑπουργὸς Ἐξωτερικῶν κ. Ρὰσκ παρέθεσε δεῖπνον πρὸς τιμὴν τοῦ Γιουγκοσλάβου ὑπουργοῦ Ἐξωτερικῶν κ. Πόποβιτς.
ΠΟΛΥ ΓΡΗΓΟΡΑ ΕΣΑΠΙΣΕ ΤΟ ΚΑΘΕΣΤΩΣ ΤΗΣ ΓΚΑΝΑΣ
ΑΚΡΑ, Γκάνα, 28. (Ἀσ. Πρ.). — Ὁ πρόεδρος τῆς Γκάνας Νκρουμάχ κατηγόρησε μέλη τῆς κυβερνήσεώς του διὰ διαφθοράν.
ΑΝΑΜΝΗΣΤΙΚΗ ΠΛΑΞ ΤΩΝ ΑΜΕΡΙΚΑΝΩΝ ΠΡΟΣ ΤΟΝ ΝΑΥΤΙΚΟΝ ΔΙΟΙΚΗΤΗΝ Β. Ε.
Ὁ πλοίαρχος Ντράιερ, διοικητὴς τῆς 62ας μοίρας ἀντιτορπιλλικῶν τοῦ ἀμερικανικοῦ στόλου (δεξιά) ἐπιδίδων εἰς τὸν ναυτικὸν διοικητὴν Β. Ἑλλάδος ἀναμνηστικὴν πλάκα τῶν ἀμερικανικῶν ἀντιτορπιλλικῶν.
Ὁ διοικητὴς τῆς 62ας μοίρας ἀντιτορπιλλικῶν τοῦ ἀμερικανικοῦ στόλου, ἐπεσκέφθη χθὲς τὸν ναυτικὸν διοικητὴν Β. Ἑλλάδος. Κατὰ τὴν ἐπίσκεψιν ἐπέδωσεν εἰς τὸν ναυτικὸν διοικητὴν ἀναμνηστικὴν πλάκα. Χθὲς τὴν πρωΐαν τὰ ἀντιτορπιλλικὰ ἀπέπλευσαν.
ΦΙΛΟΜΕΝΤΕΡΕΣΙΚΑΙ ΠΡΟΚΗΡΥΞΕΙΣ ΕΚΥΚΛΟΦΟΡΗΣΑΝ ΕΙΣ ΛΕΥΚΩΣΙΑΝ
Ἀνεπαρκὴς χαρακτηρίζεται
ἡ κυβέρνησις τοῦ Γκιουρσέλ
ΛΕΥΚΩΣΙΑ, 28. (Ἀσ. Πρ.). — Αἱ τουρκοκυπριακαὶ ἀρχαὶ εἶναι ἀνήσυχοι διὰ τὴν κυκλοφορίαν προκηρύξεων ὑπὲρ τοῦ ἀνατραπέντος καθεστῶτος τοῦ Μεντερές. Αἱ προκηρύξεις χαρακτηρίζουν τὴν κυβέρνησιν Γκιουρσὲλ ἀνεπαρκῆ καὶ καλοῦν τοὺς Τούρκους τῆς Κύπρου εἰς ἀντίστασιν.
ΚΑΙ ΟΙ ΔΙΑΔΟΧΟΙ ΤΟΥ
«Ἤδη, προσθέτουν αἱ προκηρύξεις, ἔφθασεν ἡ ὥρα τῆς ἀπελευθερώσεως». Ἡ ἀστυνομία ἐρευνᾷ διὰ τὴν ἀνακάλυψιν τῶν ὑπευθύνων.
ΥΜΝΕΙΤΑΙ Ο ΜΕΝΤΕΡΕΣ
Εἰς τὰς προκηρύξεις ὁ Μεντερὲς χαρακτηρίζεται ὡς ὁ μεγαλύτερος ἡγέτης τῆς Τουρκίας.
ΟΙ Κ.Κ. ΧΙΟΥΜ ΚΑΙ ΓΚΡΟΜΙΚΟ ΣΥΝΩΜΙΛΗΣΑΝ ΕΝ ΦΙΛΙΚΗ ΑΤΜΟΣΦΑΙΡΑ ΕΠΙ ΔΙΩΡΟΝ ΕΠΙ ΤΩΝ ΕΠΙΜΑΧΩΝ ΔΙΕΘΝΩΝ ΠΡΟΒΛΗΜΑΤΩΝ
ΝΕΑ ΥΟΡΚΗ, 28. (Ρώυτερ). — Ὁ Βρεταννὸς ὑπουργὸς Ἐξωτερικῶν λόρδος Χιοὺμ καὶ ὁ Σοβιετικὸς ὑπουργὸς Ἐξωτερικῶν κ. Γκρομίκο συνωμίλησαν ἐπὶ δίωρον εἰς τὴν ἕδραν τῆς βρεταννικῆς ἀντιπροσωπείας εἰς τὸν ΟΗΕ. Αἱ συνομιλίαι διεξήχθησαν ἐν φιλικῇ ἀτμοσφαίρᾳ καὶ ἀφεώρων τὸ Βερολινέζικον ζήτημα καὶ τὸν ἀφοπλισμόν.
ΔΕΝ ΑΝΑΧΩΡΟΥΝ
ΝΕΑ ΥΟΡΚΗ, 28. (Ἀσ. Πρ.). — Οἱ δυτικοὶ ὑπουργοὶ δὲν θὰ ἀναχωρήσουν πρὸ τῆς ὁλοκληρώσεως τῶν συνομιλιῶν.
ΣΥΝΗΝΤΗΘΗΣΑΝ ΕΣΧΑΤΩΣ ΕΙΣ ΤΗΝ ΕΛΒΕΤΙΑΝ ΟΙ ΓΑΛΛΟΙ ΚΑΙ ΟΙ ΑΛΓΕΡΙΝΟΙ ΕΚΠΡΟΣΩΠΟΙ
ΠΑΡΙΣΙΟΙ, 28. (Ἀσ. Πρ.). — Ἀξιόπιστοι πηγαὶ ἀναφέρουν ὅτι ἐκπρόσωποι τῆς γαλλικῆς κυβερνήσεως καὶ τῶν Ἀλγερινῶν ἐθνικιστῶν συνηντήθησαν εἰς τὴν Ἐλβετίαν. Αἱ ἐπαφαὶ ἀποσκοποῦν εἰς τὴν ἐπανάληψιν τῶν διαπραγματεύσεων διὰ τὴν εἰρήνευσιν τῆς Ἀλγερίας.
— Ο ΠΡΟΥΠΟΥΡΓΟΣ τῆς κομμουνιστικῆς Κίνας Τσοὺ Ἐν Λάι ἐδέχθη τὸν πρωθυπουργὸν τῆς Βιρμανίας.
— Ο ΡΩΣΣΟΣ πιλότος Βλαντιμὶρ Ἰλιούσιν ἐπέτυχε νέον παγκόσμιον ρεκὸρ ταχύτητος.
— Η ΚΥΒΕΡΝΗΣΙΣ τῆς Ἰνδίας ἐζήτησε νέαν οἰκονομικὴν βοήθειαν.
ΤΡΑΥΜΑΤΙΑΣ ΑΥΤΟΚΙΝΗΤΙΣΤΗΣ ΕΣΩΘΗ ΧΑΡΙΣ ΕΙΣ ΝΟΗΜΟΣΥΝΗΝ ΣΚΥΛΩΝ
ΣΑΡΝΙΑ, Ὀντάριο, Καναδᾶς, 28. (Ἀσ. Πρ.). — Ὁ σκύλος Ρεξ ἐσώθη τὴν ζωὴν τοῦ κυρίου του, ὁ ὁποῖος εἶχε τραυματισθῆ εἰς αὐτοκινητικὸν δυστύχημα, ὁδηγήσας πρὸς αὐτὸν τοὺς διασώστας. Ὁ τραυματίας ἔπεσεν ἐντὸς χαράδρας καὶ δὲν ἠδύνατο νὰ κινηθῇ.
ΔΙΗΛΘΕΝ ΕΚ ΘΕΣΣΑΛΟΝΙΚΗΣ Ο ΣΤΡΑΤΗΓΟΣ ΜΠΡΑΟΥΝ
Ὁ ἀρχηγὸς τῶν δυνάμεων τοῦ ΝΑΤΟ εἰς τὴν Νοτιοανατολικὴν Εὐρώπην στρατηγὸς Μπράουν, μετὰ τοῦ ὁποίου εἶναι χθὲς προσεκομίσθη ἀπὸ τὸ ἀεροδρόμιον, ἐπεσκέφθη τὸν στρατιωτικὸν διοικητὴν Θεσσαλονίκης.
